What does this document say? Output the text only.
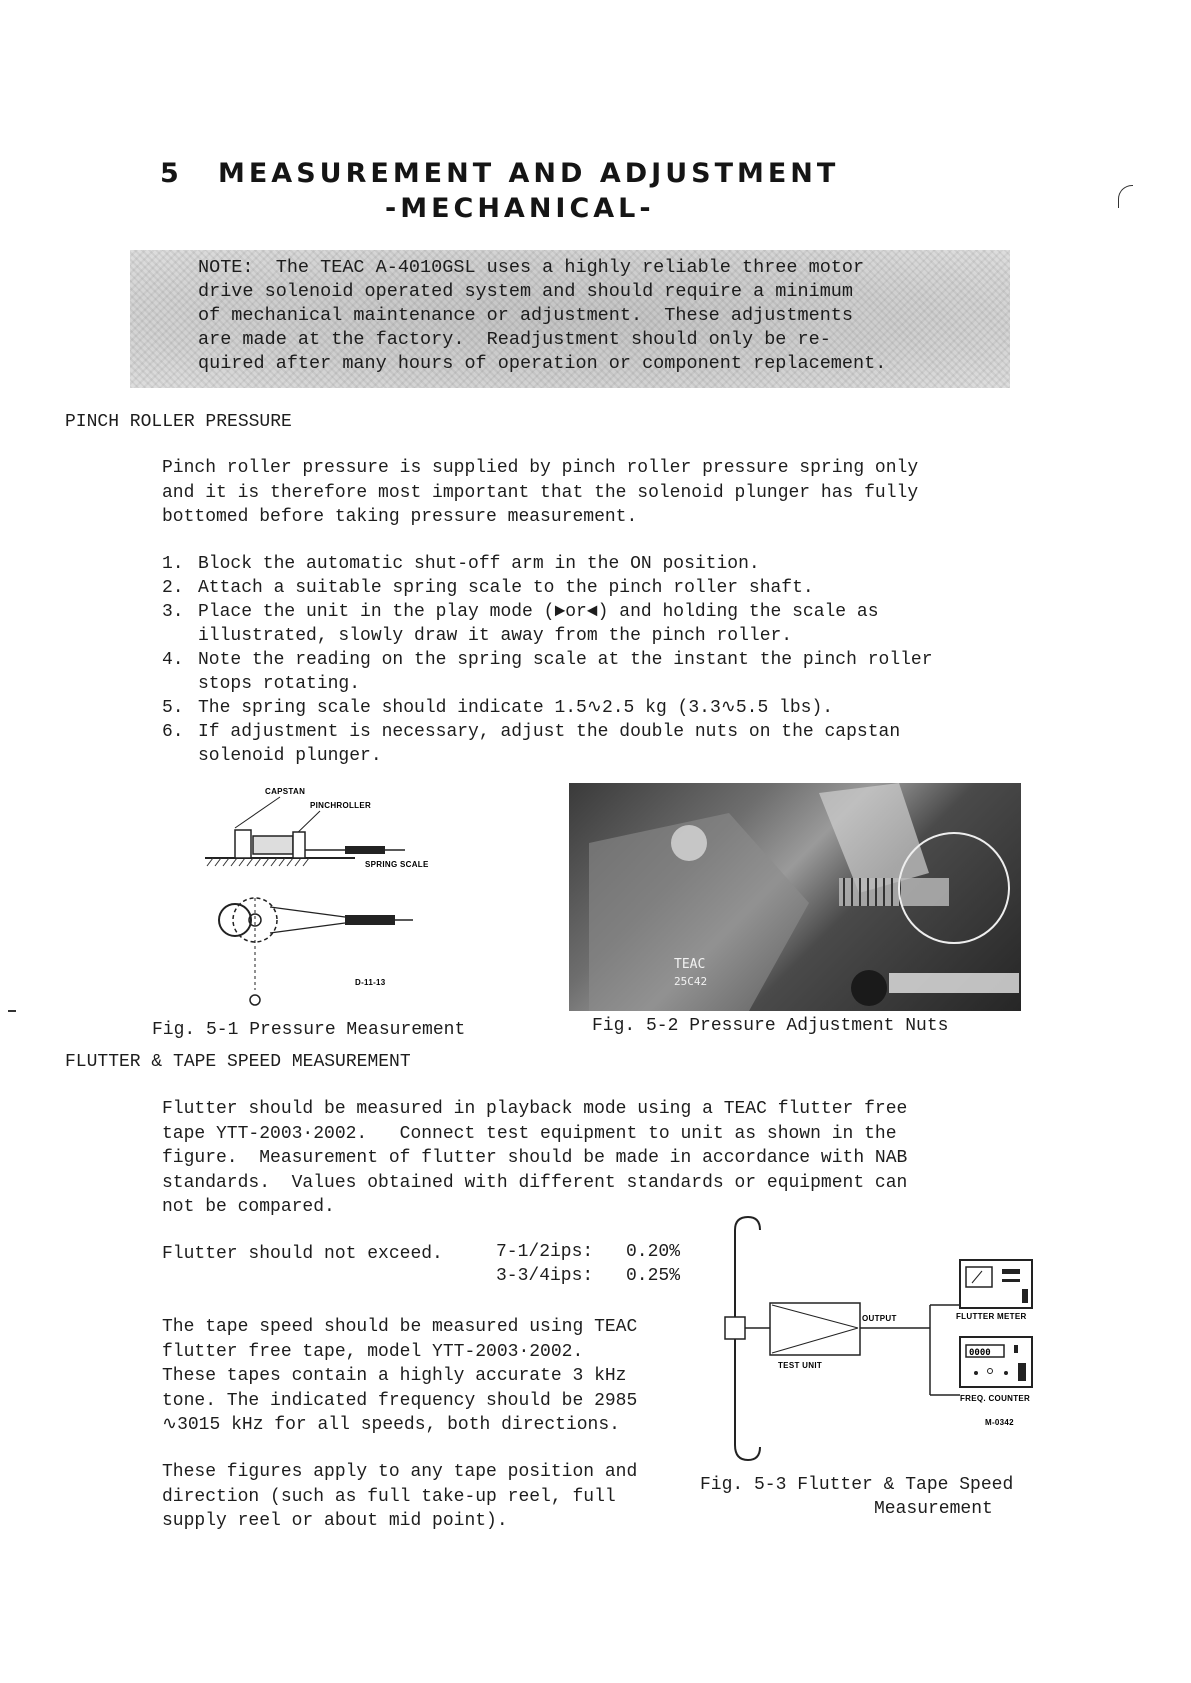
5 MEASUREMENT AND ADJUSTMENT
-MECHANICAL-
NOTE:  The TEAC A-4010GSL uses a highly reliable three motor
drive solenoid operated system and should require a minimum
of mechanical maintenance or adjustment.  These adjustments
are made at the factory.  Readjustment should only be re-
quired after many hours of operation or component replacement.
PINCH ROLLER PRESSURE
Pinch roller pressure is supplied by pinch roller pressure spring only
and it is therefore most important that the solenoid plunger has fully
bottomed before taking pressure measurement.
1. Block the automatic shut-off arm in the ON position.
2. Attach a suitable spring scale to the pinch roller shaft.
3. Place the unit in the play mode (►or◄) and holding the scale as
illustrated, slowly draw it away from the pinch roller.
4. Note the reading on the spring scale at the instant the pinch roller
stops rotating.
5. The spring scale should indicate 1.5∿2.5 kg (3.3∿5.5 lbs).
6. If adjustment is necessary, adjust the double nuts on the capstan
solenoid plunger.
CAPSTAN
PINCHROLLER
SPRING SCALE
D-11-13
TEAC
25C42
Fig. 5-1 Pressure Measurement	Fig. 5-2 Pressure Adjustment Nuts
FLUTTER & TAPE SPEED MEASUREMENT
Flutter should be measured in playback mode using a TEAC flutter free
tape YTT-2003·2002.   Connect test equipment to unit as shown in the
figure.  Measurement of flutter should be made in accordance with NAB
standards.  Values obtained with different standards or equipment can
not be compared.
Flutter should not exceed.	7-1/2ips: 0.20%
3-3/4ips: 0.25%
The tape speed should be measured using TEAC
flutter free tape, model YTT-2003·2002.
These tapes contain a highly accurate 3 kHz
tone. The indicated frequency should be 2985
∿3015 kHz for all speeds, both directions.
These figures apply to any tape position and
direction (such as full take-up reel, full
supply reel or about mid point).
TEST UNIT
OUTPUT	FLUTTER METER
0000
FREQ. COUNTER
M-0342
Fig. 5-3 Flutter & Tape Speed
Measurement
